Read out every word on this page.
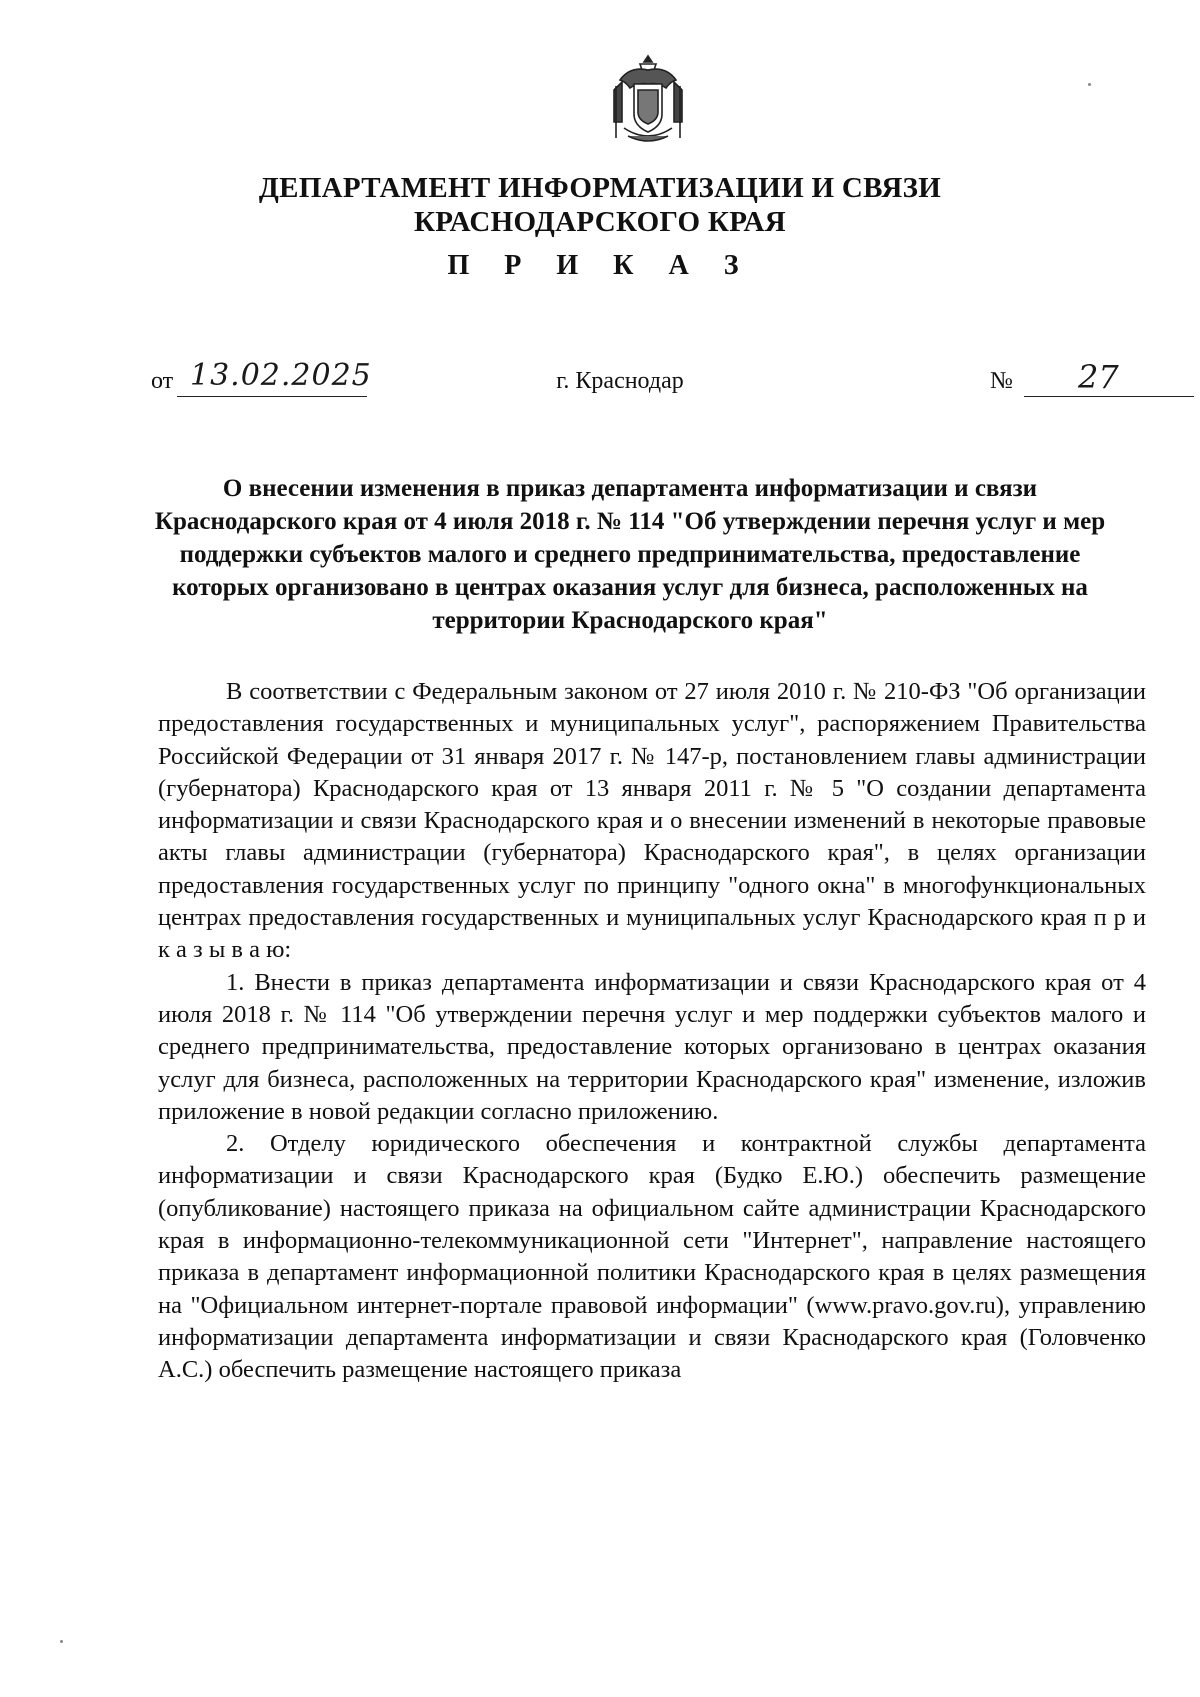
ДЕПАРТАМЕНТ ИНФОРМАТИЗАЦИИ И СВЯЗИ
КРАСНОДАРСКОГО КРАЯ
П Р И К А З
от 13.02.2025	г. Краснодар	№ 27
О внесении изменения в приказ департамента информатизации и связи Краснодарского края от 4 июля 2018 г. № 114 "Об утверждении перечня услуг и мер поддержки субъектов малого и среднего предпринимательства, предоставление которых организовано в центрах оказания услуг для бизнеса, расположенных на территории Краснодарского края"

В соответствии с Федеральным законом от 27 июля 2010 г. № 210-ФЗ "Об организации предоставления государственных и муниципальных услуг", распоряжением Правительства Российской Федерации от 31 января 2017 г. № 147-р, постановлением главы администрации (губернатора) Краснодарского края от 13 января 2011 г. № 5 "О создании департамента информатизации и связи Краснодарского края и о внесении изменений в некоторые правовые акты главы администрации (губернатора) Краснодарского края", в целях организации предоставления государственных услуг по принципу "одного окна" в многофункциональных центрах предоставления государственных и муниципальных услуг Краснодарского края п р и к а з ы в а ю:

1. Внести в приказ департамента информатизации и связи Краснодарского края от 4 июля 2018 г. № 114 "Об утверждении перечня услуг и мер поддержки субъектов малого и среднего предпринимательства, предоставление которых организовано в центрах оказания услуг для бизнеса, расположенных на территории Краснодарского края" изменение, изложив приложение в новой редакции согласно приложению.

2. Отделу юридического обеспечения и контрактной службы департамента информатизации и связи Краснодарского края (Будко Е.Ю.) обеспечить размещение (опубликование) настоящего приказа на официальном сайте администрации Краснодарского края в информационно-телекоммуникационной сети "Интернет", направление настоящего приказа в департамент информационной политики Краснодарского края в целях размещения на "Официальном интернет-портале правовой информации" (www.pravo.gov.ru), управлению информатизации департамента информатизации и связи Краснодарского края (Головченко А.С.) обеспечить размещение настоящего приказа
